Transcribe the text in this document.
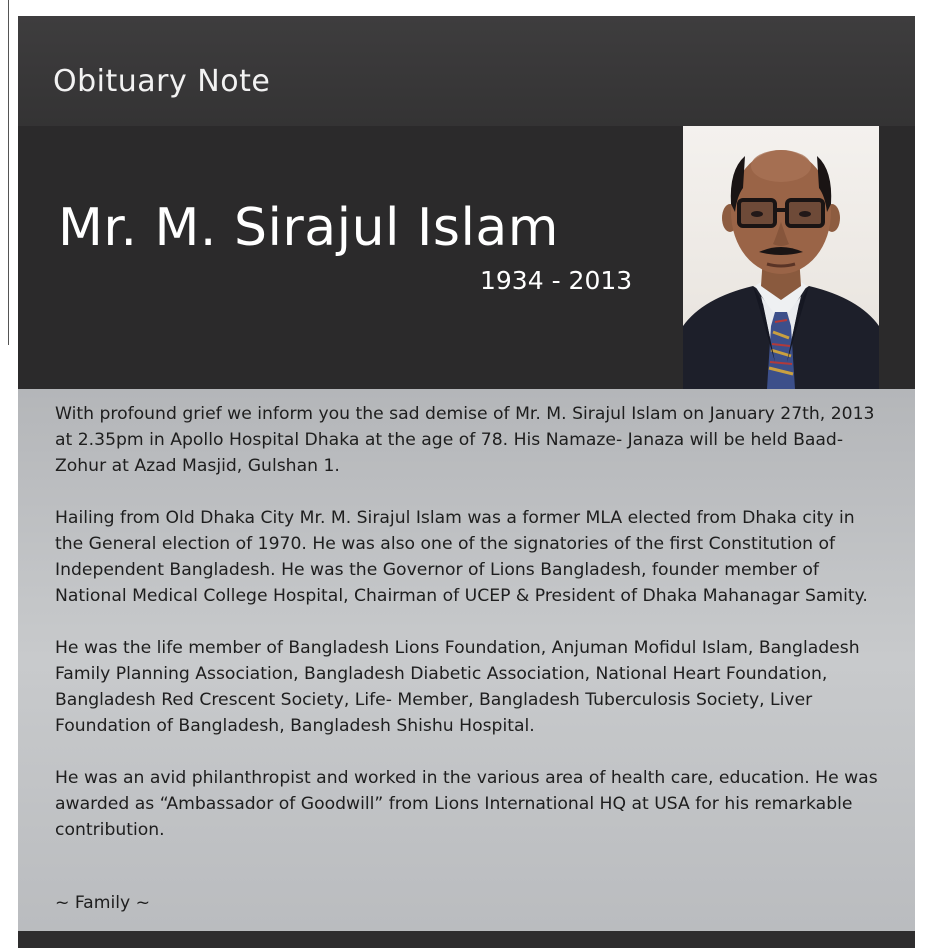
Obituary Note
Mr. M. Sirajul Islam
1934 - 2013

With profound grief we inform you the sad demise of Mr. M. Sirajul Islam on January 27th, 2013 at 2.35pm in Apollo Hospital Dhaka at the age of 78. His Namaze- Janaza will be held Baad-Zohur at Azad Masjid, Gulshan 1.

Hailing from Old Dhaka City Mr. M. Sirajul Islam was a former MLA elected from Dhaka city in the General election of 1970. He was also one of the signatories of the first Constitution of Independent Bangladesh. He was the Governor of Lions Bangladesh, founder member of National Medical College Hospital, Chairman of UCEP & President of Dhaka Mahanagar Samity.

He was the life member of Bangladesh Lions Foundation, Anjuman Mofidul Islam, Bangladesh Family Planning Association, Bangladesh Diabetic Association, National Heart Foundation, Bangladesh Red Crescent Society, Life- Member, Bangladesh Tuberculosis Society, Liver Foundation of Bangladesh, Bangladesh Shishu Hospital.

He was an avid philanthropist and worked in the various area of health care, education. He was awarded as “Ambassador of Goodwill” from Lions International HQ at USA for his remarkable contribution.

~ Family ~
